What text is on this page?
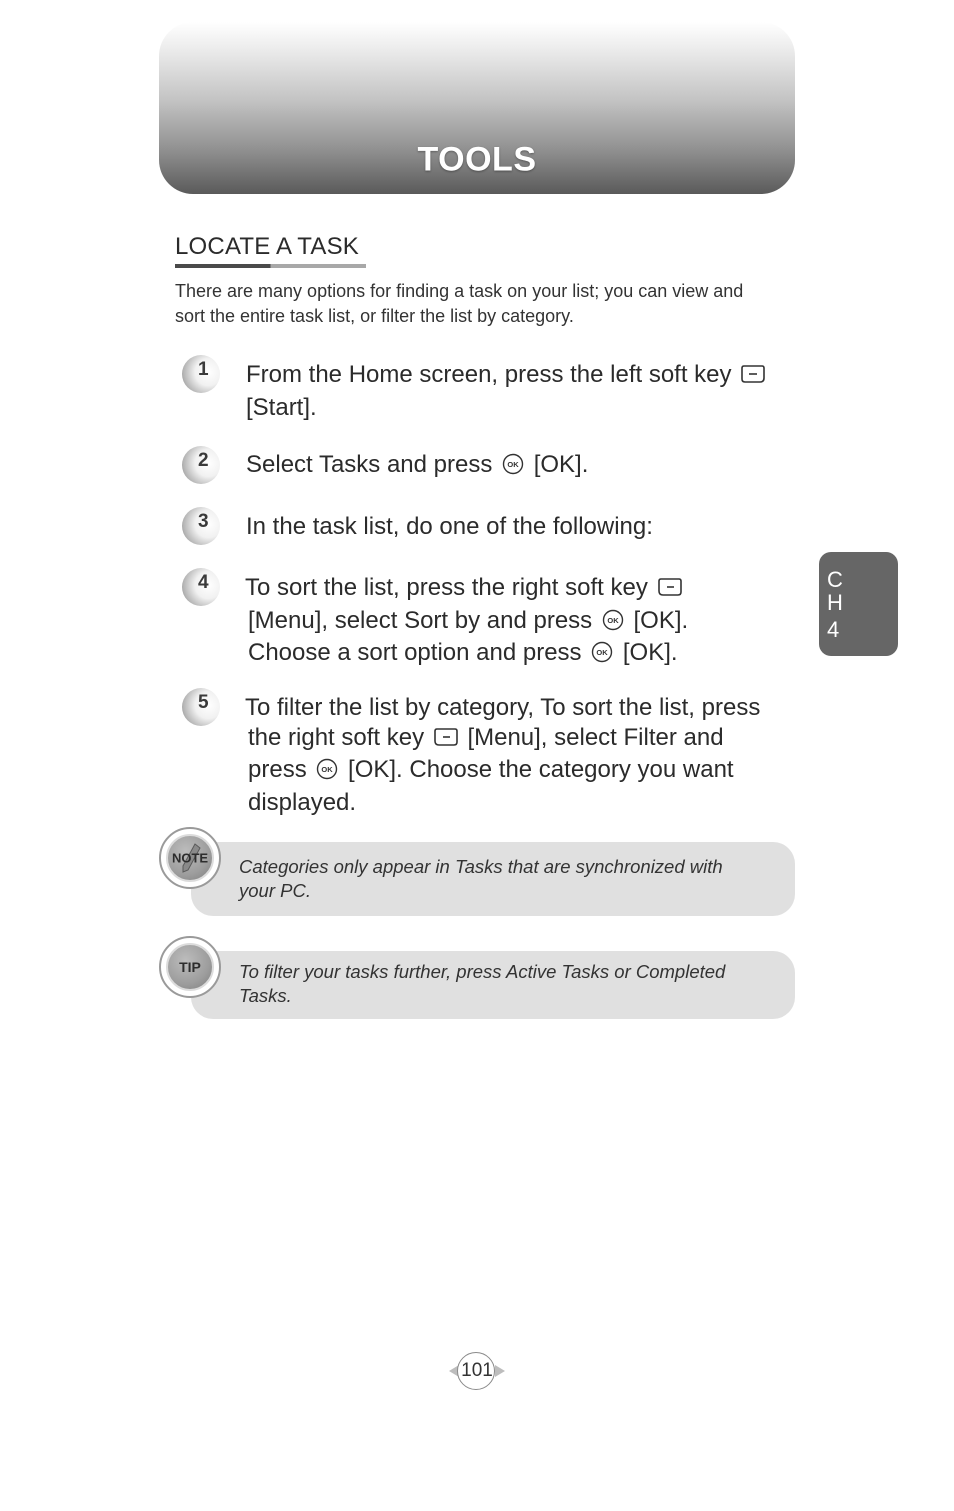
TOOLS
LOCATE A TASK
There are many options for finding a task on your list; you can view and
sort the entire task list, or filter the list by category.
1 From the Home screen, press the left soft key
[Start].
2 Select Tasks and press OK [OK].
3 In the task list, do one of the following:
4 To sort the list, press the right soft key
[Menu], select Sort by and press OK [OK].
Choose a sort option and press OK [OK].
5 To filter the list by category, To sort the list, press
the right soft key [Menu], select Filter and
press OK [OK]. Choose the category you want
displayed.
Categories only appear in Tasks that are synchronized with
your PC.
NOTE
To filter your tasks further, press Active Tasks or Completed
Tasks.
TIP
C
H
4
101
